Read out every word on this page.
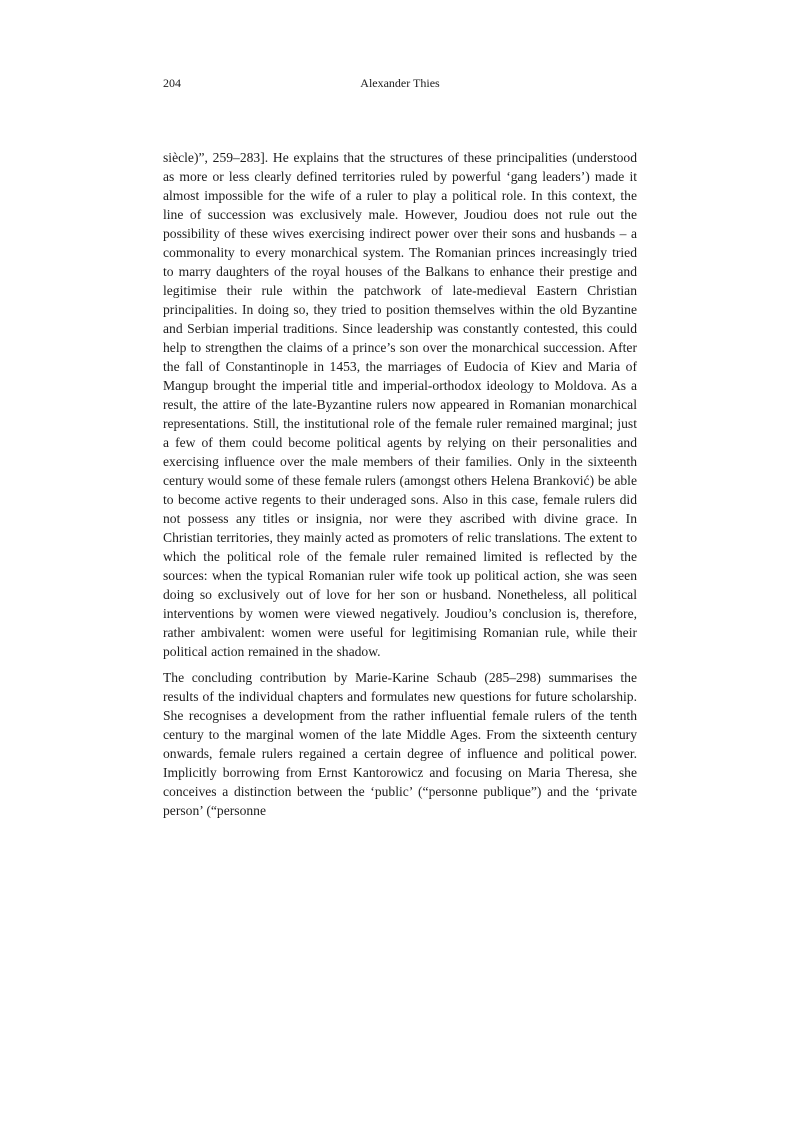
204	Alexander Thies

siècle)”, 259–283]. He explains that the structures of these principalities (understood as more or less clearly defined territories ruled by powerful ‘gang leaders’) made it almost impossible for the wife of a ruler to play a political role. In this context, the line of succession was exclusively male. However, Joudiou does not rule out the possibility of these wives exercising indirect power over their sons and husbands – a commonality to every monarchical system. The Romanian princes increasingly tried to marry daughters of the royal houses of the Balkans to enhance their prestige and legitimise their rule within the patchwork of late-medieval Eastern Christian principalities. In doing so, they tried to position themselves within the old Byzantine and Serbian imperial traditions. Since leadership was constantly contested, this could help to strengthen the claims of a prince’s son over the monarchical succession. After the fall of Constantinople in 1453, the marriages of Eudocia of Kiev and Maria of Mangup brought the imperial title and imperial-orthodox ideology to Moldova. As a result, the attire of the late-Byzantine rulers now appeared in Romanian monarchical representations. Still, the institutional role of the female ruler remained marginal; just a few of them could become political agents by relying on their personalities and exercising influence over the male members of their families. Only in the sixteenth century would some of these female rulers (amongst others Helena Branković) be able to become active regents to their underaged sons. Also in this case, female rulers did not possess any titles or insignia, nor were they ascribed with divine grace. In Christian territories, they mainly acted as promoters of relic translations. The extent to which the political role of the female ruler remained limited is reflected by the sources: when the typical Romanian ruler wife took up political action, she was seen doing so exclusively out of love for her son or husband. Nonetheless, all political interventions by women were viewed negatively. Joudiou’s conclusion is, therefore, rather ambivalent: women were useful for legitimising Romanian rule, while their political action remained in the shadow.

The concluding contribution by Marie-Karine Schaub (285–298) summarises the results of the individual chapters and formulates new questions for future scholarship. She recognises a development from the rather influential female rulers of the tenth century to the marginal women of the late Middle Ages. From the sixteenth century onwards, female rulers regained a certain degree of influence and political power. Implicitly borrowing from Ernst Kantorowicz and focusing on Maria Theresa, she conceives a distinction between the ‘public’ (“personne publique”) and the ‘private person’ (“personne
